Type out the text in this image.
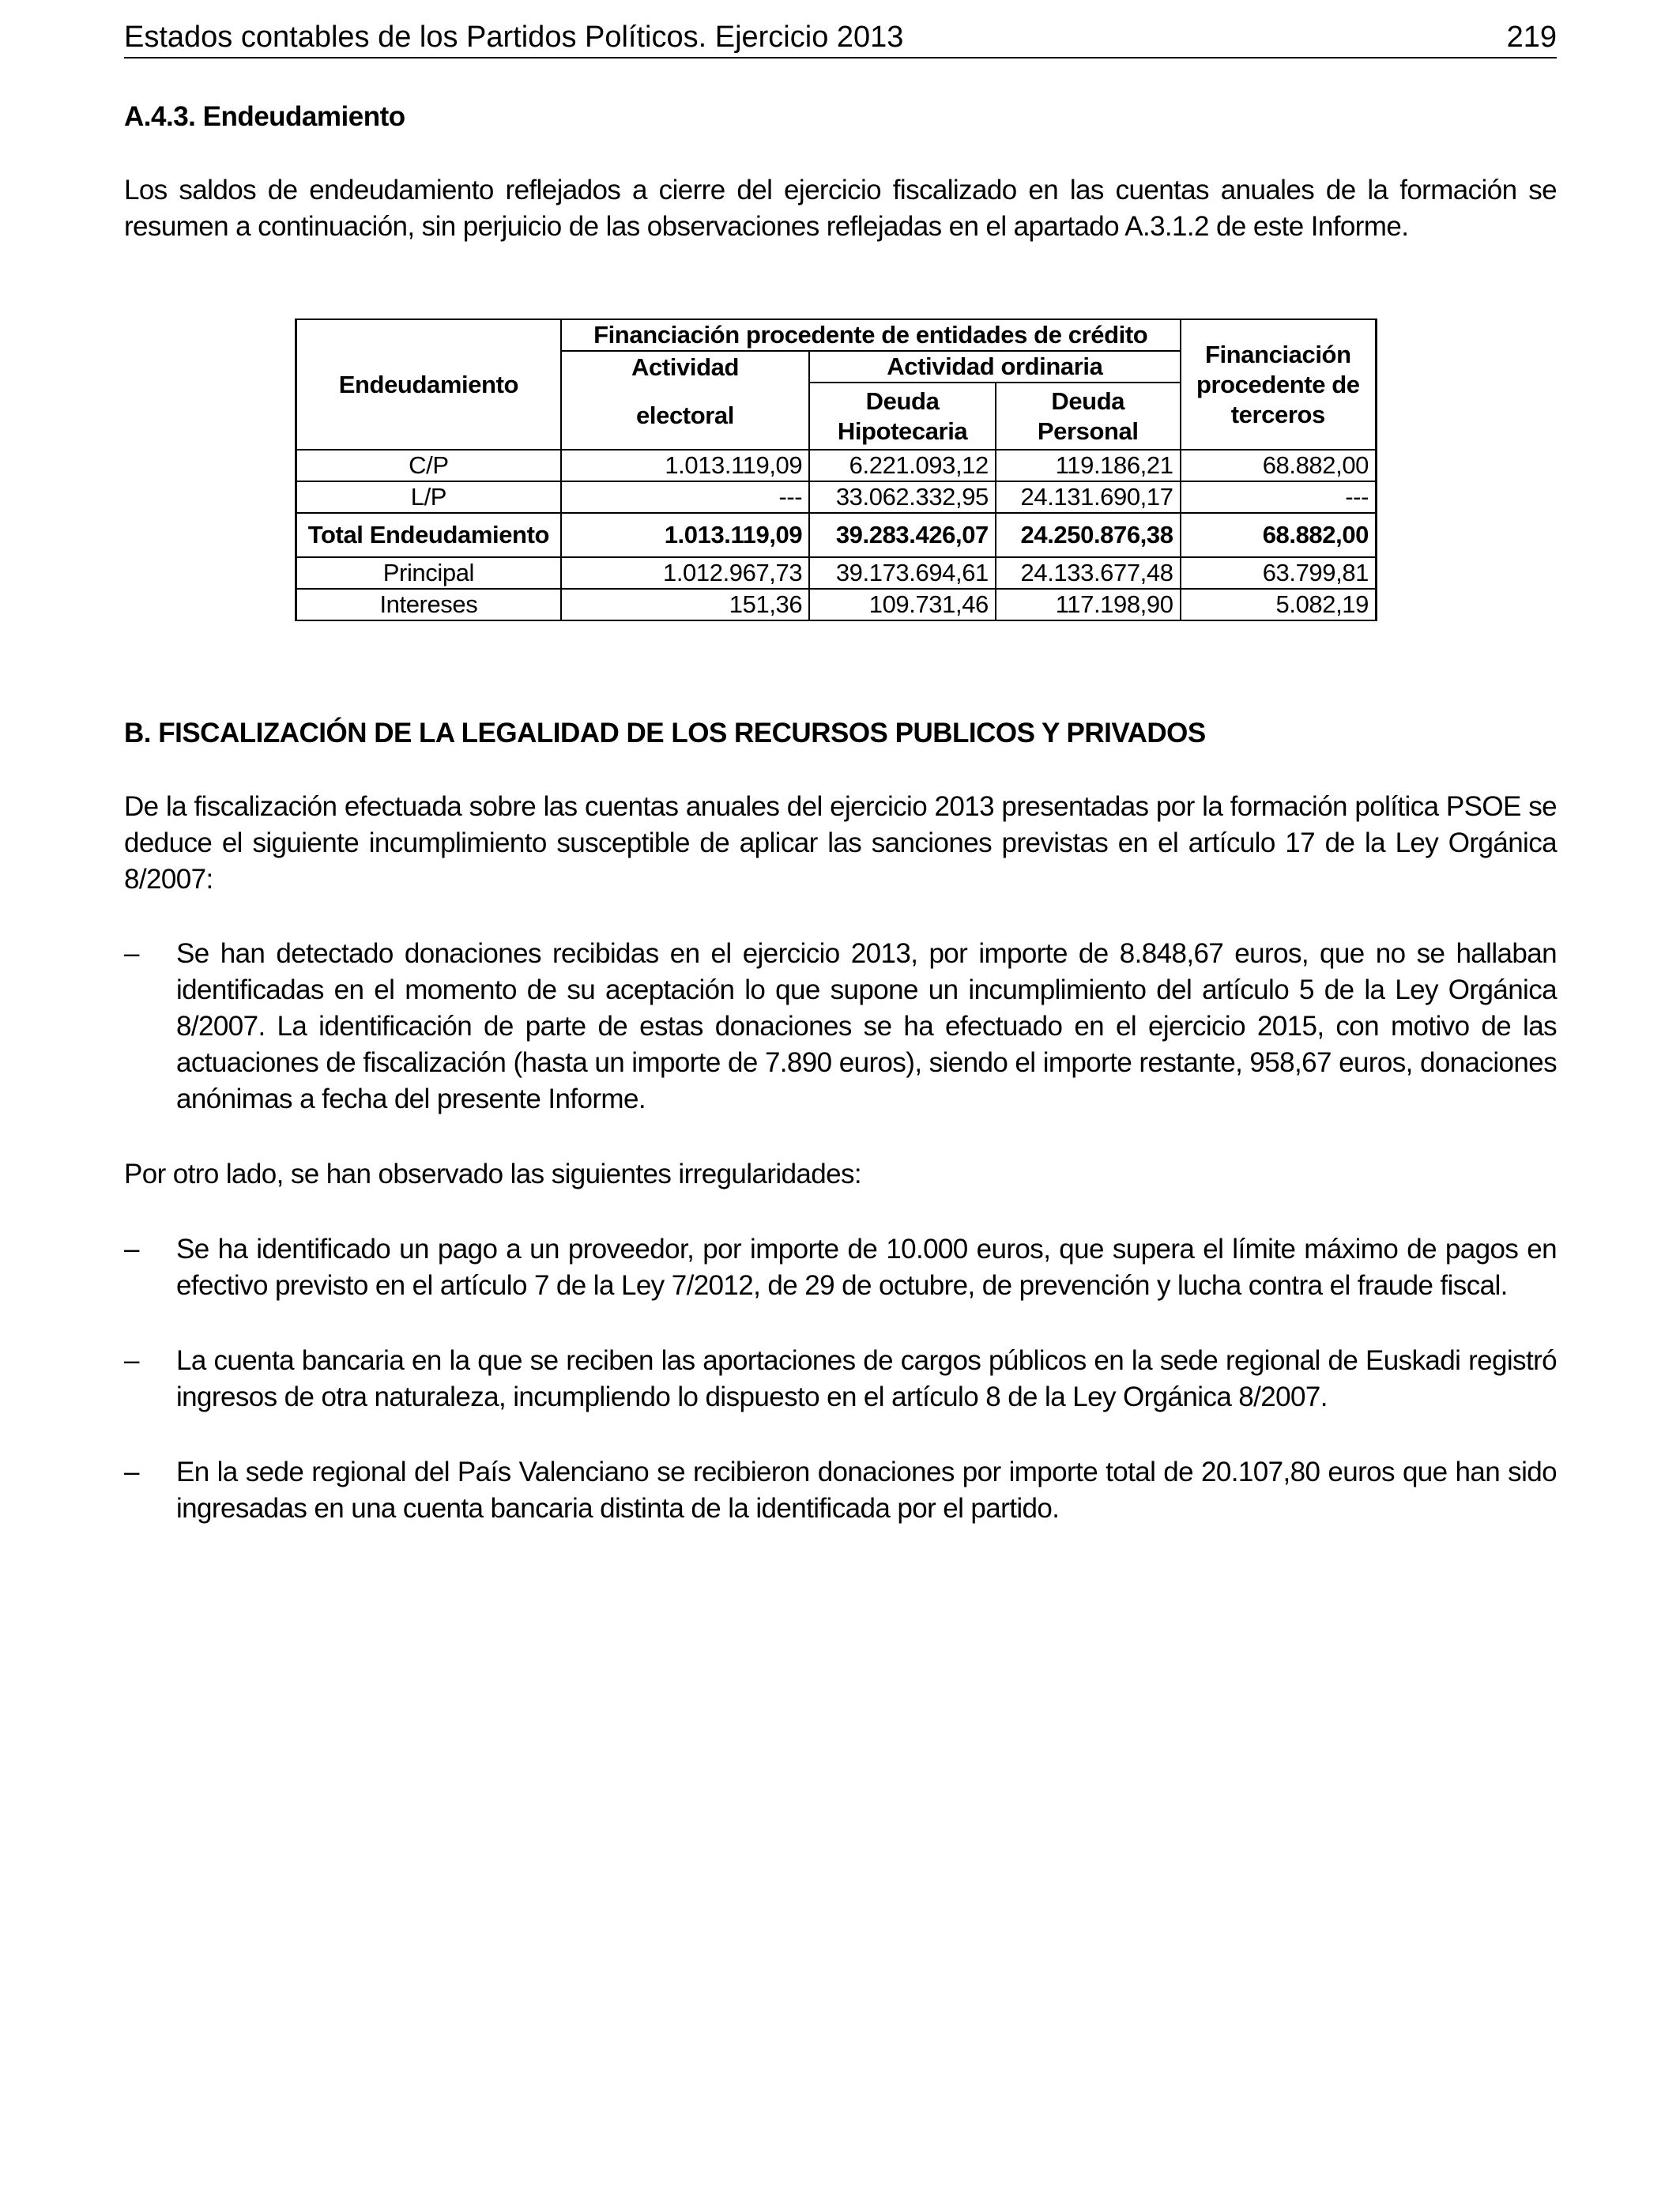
Estados contables de los Partidos Políticos. Ejercicio 2013	219
A.4.3. Endeudamiento
Los saldos de endeudamiento reflejados a cierre del ejercicio fiscalizado en las cuentas anuales de la formación se resumen a continuación, sin perjuicio de las observaciones reflejadas en el apartado A.3.1.2 de este Informe.
Endeudamiento	Financiación procedente de entidades de crédito			Financiación procedente de terceros
	Actividad	Actividad ordinaria		
	electoral	Deuda Hipotecaria	Deuda Personal	
C/P	1.013.119,09	6.221.093,12	119.186,21	68.882,00
L/P	---	33.062.332,95	24.131.690,17	---
Total Endeudamiento	1.013.119,09	39.283.426,07	24.250.876,38	68.882,00
Principal	1.012.967,73	39.173.694,61	24.133.677,48	63.799,81
Intereses	151,36	109.731,46	117.198,90	5.082,19
B. FISCALIZACIÓN DE LA LEGALIDAD DE LOS RECURSOS PUBLICOS Y PRIVADOS
De la fiscalización efectuada sobre las cuentas anuales del ejercicio 2013 presentadas por la formación política PSOE se deduce el siguiente incumplimiento susceptible de aplicar las sanciones previstas en el artículo 17 de la Ley Orgánica 8/2007:
–	Se han detectado donaciones recibidas en el ejercicio 2013, por importe de 8.848,67 euros, que no se hallaban identificadas en el momento de su aceptación lo que supone un incumplimiento del artículo 5 de la Ley Orgánica 8/2007. La identificación de parte de estas donaciones se ha efectuado en el ejercicio 2015, con motivo de las actuaciones de fiscalización (hasta un importe de 7.890 euros), siendo el importe restante, 958,67 euros, donaciones anónimas a fecha del presente Informe.
Por otro lado, se han observado las siguientes irregularidades:
–	Se ha identificado un pago a un proveedor, por importe de 10.000 euros, que supera el límite máximo de pagos en efectivo previsto en el artículo 7 de la Ley 7/2012, de 29 de octubre, de prevención y lucha contra el fraude fiscal.
–	La cuenta bancaria en la que se reciben las aportaciones de cargos públicos en la sede regional de Euskadi registró ingresos de otra naturaleza, incumpliendo lo dispuesto en el artículo 8 de la Ley Orgánica 8/2007.
–	En la sede regional del País Valenciano se recibieron donaciones por importe total de 20.107,80 euros que han sido ingresadas en una cuenta bancaria distinta de la identificada por el partido.
